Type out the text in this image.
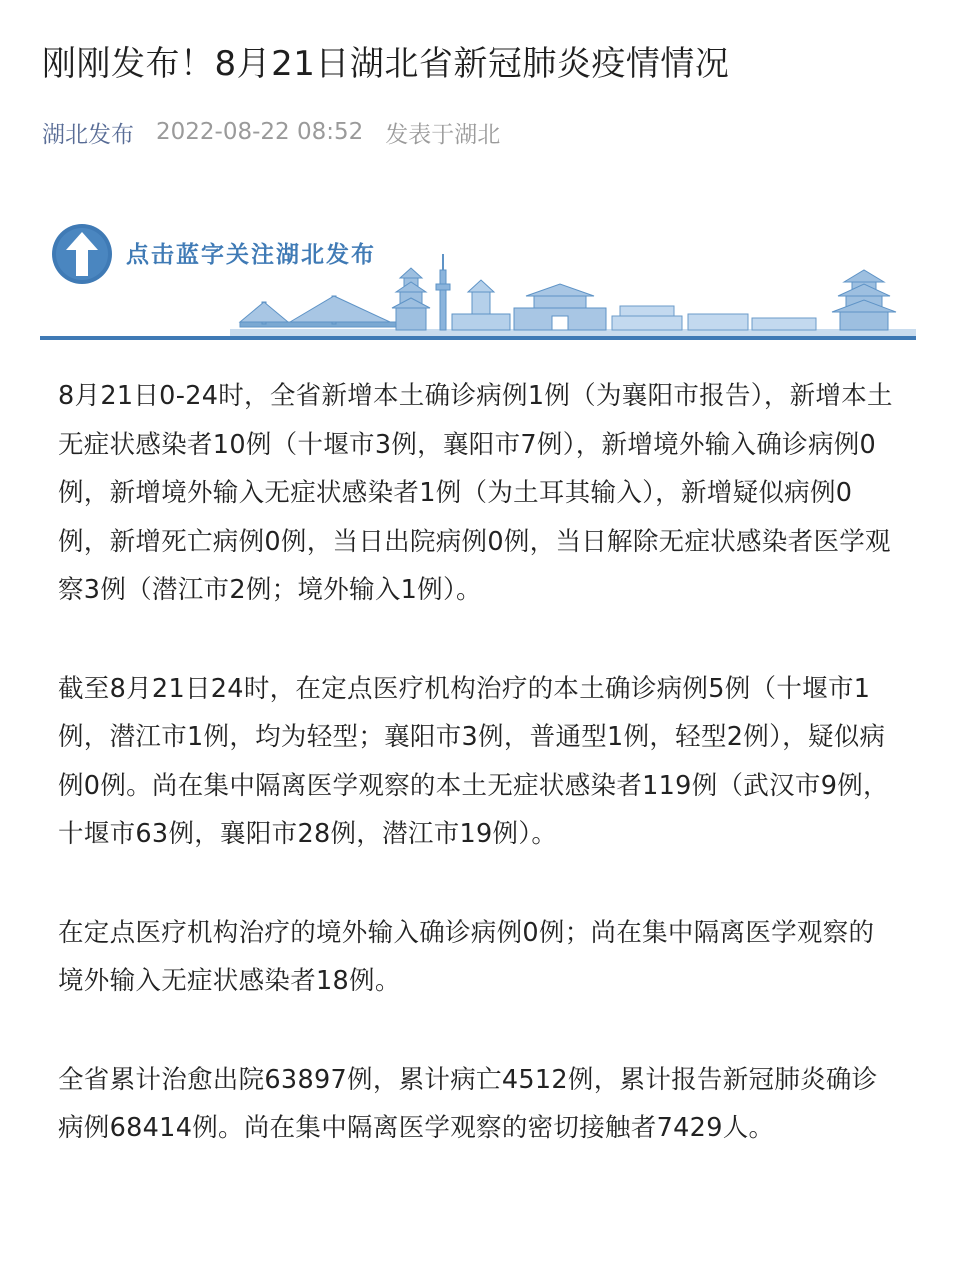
刚刚发布！8月21日湖北省新冠肺炎疫情情况
湖北发布 2022-08-22 08:52 发表于湖北
点击蓝字关注湖北发布

8月21日0-24时，全省新增本土确诊病例1例（为襄阳市报告），新增本土无症状感染者10例（十堰市3例，襄阳市7例），新增境外输入确诊病例0例，新增境外输入无症状感染者1例（为土耳其输入），新增疑似病例0例，新增死亡病例0例，当日出院病例0例，当日解除无症状感染者医学观察3例（潜江市2例；境外输入1例）。

截至8月21日24时，在定点医疗机构治疗的本土确诊病例5例（十堰市1例，潜江市1例，均为轻型；襄阳市3例，普通型1例，轻型2例），疑似病例0例。尚在集中隔离医学观察的本土无症状感染者119例（武汉市9例，十堰市63例，襄阳市28例，潜江市19例）。

在定点医疗机构治疗的境外输入确诊病例0例；尚在集中隔离医学观察的境外输入无症状感染者18例。

全省累计治愈出院63897例，累计病亡4512例，累计报告新冠肺炎确诊病例68414例。尚在集中隔离医学观察的密切接触者7429人。
